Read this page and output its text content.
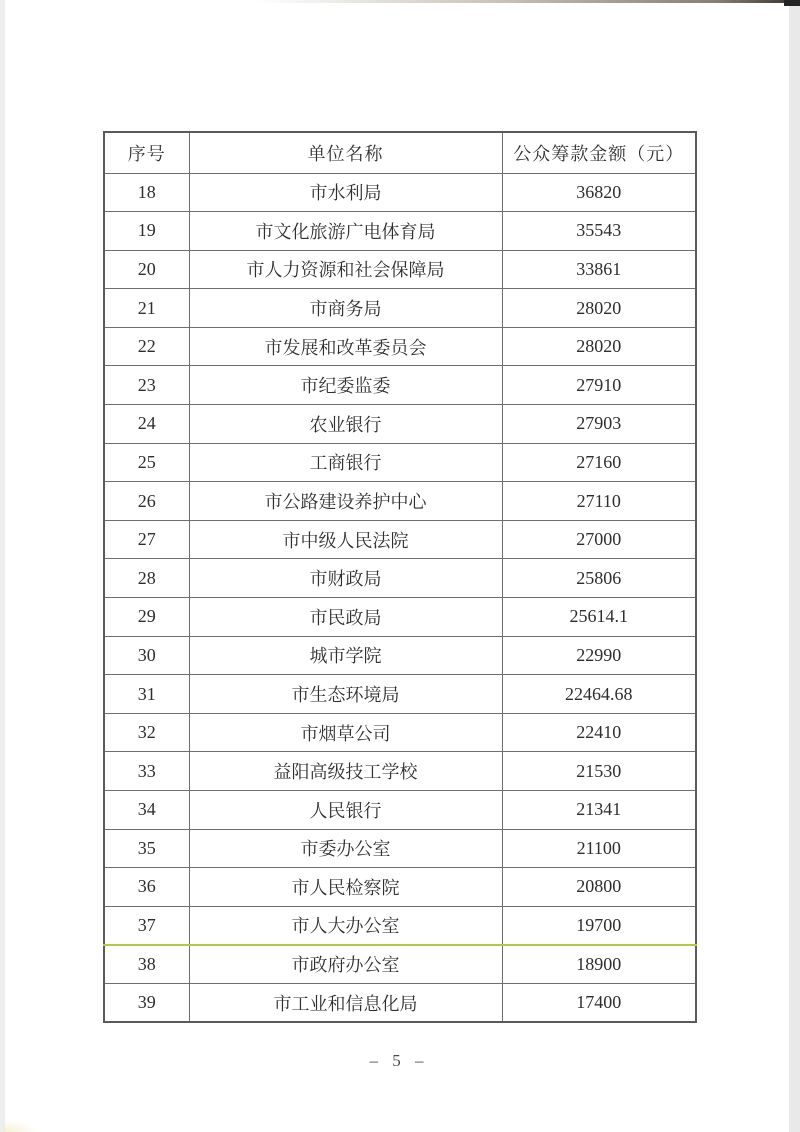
序号	单位名称	公众筹款金额（元）
18	市水利局	36820
19	市文化旅游广电体育局	35543
20	市人力资源和社会保障局	33861
21	市商务局	28020
22	市发展和改革委员会	28020
23	市纪委监委	27910
24	农业银行	27903
25	工商银行	27160
26	市公路建设养护中心	27110
27	市中级人民法院	27000
28	市财政局	25806
29	市民政局	25614.1
30	城市学院	22990
31	市生态环境局	22464.68
32	市烟草公司	22410
33	益阳高级技工学校	21530
34	人民银行	21341
35	市委办公室	21100
36	市人民检察院	20800
37	市人大办公室	19700
38	市政府办公室	18900
39	市工业和信息化局	17400
– 5 –
